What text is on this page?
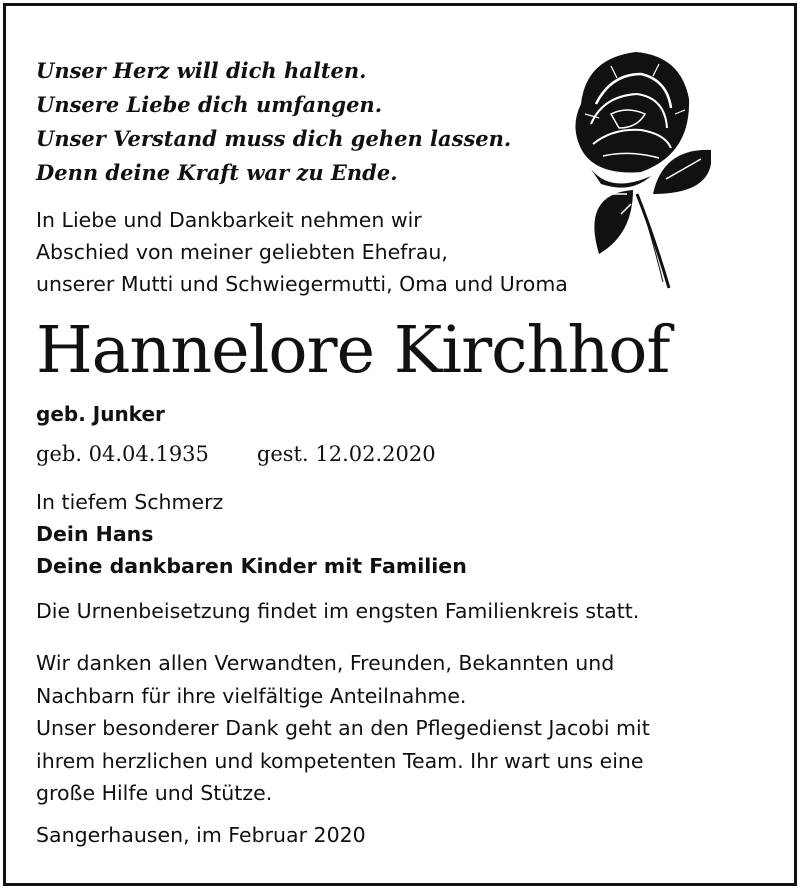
Unser Herz will dich halten.
Unsere Liebe dich umfangen.
Unser Verstand muss dich gehen lassen.
Denn deine Kraft war zu Ende.
In Liebe und Dankbarkeit nehmen wir
Abschied von meiner geliebten Ehefrau,
unserer Mutti und Schwiegermutti, Oma und Uroma
Hannelore Kirchhof
geb. Junker
geb. 04.04.1935 gest. 12.02.2020
In tiefem Schmerz
Dein Hans
Deine dankbaren Kinder mit Familien
Die Urnenbeisetzung findet im engsten Familienkreis statt.
Wir danken allen Verwandten, Freunden, Bekannten und
Nachbarn für ihre vielfältige Anteilnahme.
Unser besonderer Dank geht an den Pflegedienst Jacobi mit
ihrem herzlichen und kompetenten Team. Ihr wart uns eine
große Hilfe und Stütze.
Sangerhausen, im Februar 2020
